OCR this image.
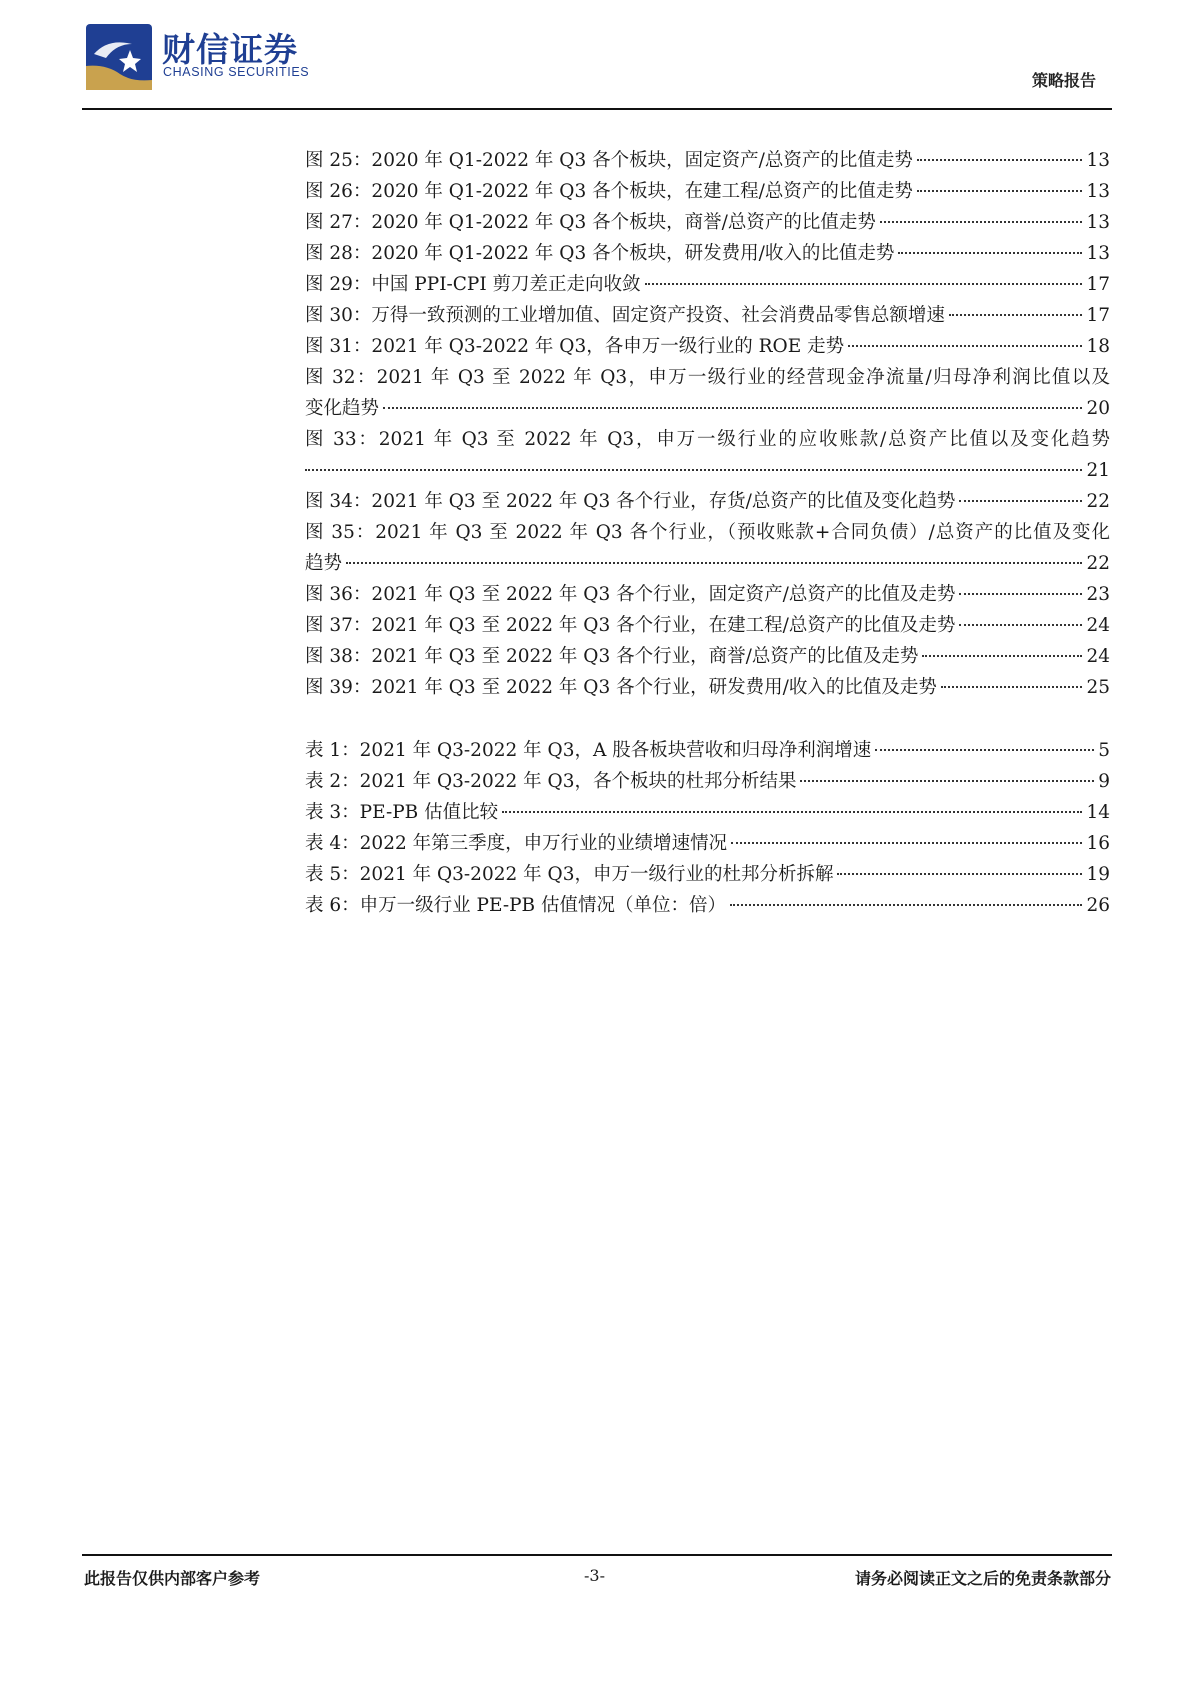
财信证券
CHASING SECURITIES	策略报告
图 25：2020 年 Q1-2022 年 Q3 各个板块，固定资产/总资产的比值走势	13
图 26：2020 年 Q1-2022 年 Q3 各个板块，在建工程/总资产的比值走势	13
图 27：2020 年 Q1-2022 年 Q3 各个板块，商誉/总资产的比值走势	13
图 28：2020 年 Q1-2022 年 Q3 各个板块，研发费用/收入的比值走势	13
图 29：中国 PPI-CPI 剪刀差正走向收敛	17
图 30：万得一致预测的工业增加值、固定资产投资、社会消费品零售总额增速	17
图 31：2021 年 Q3-2022 年 Q3，各申万一级行业的 ROE 走势	18
图 32：2021 年 Q3 至 2022 年 Q3，申万一级行业的经营现金净流量/归母净利润比值以及
变化趋势	20
图 33：2021 年 Q3 至 2022 年 Q3，申万一级行业的应收账款/总资产比值以及变化趋势
21
图 34：2021 年 Q3 至 2022 年 Q3 各个行业，存货/总资产的比值及变化趋势	22
图 35：2021 年 Q3 至 2022 年 Q3 各个行业，（预收账款+合同负债）/总资产的比值及变化
趋势	22
图 36：2021 年 Q3 至 2022 年 Q3 各个行业，固定资产/总资产的比值及走势	23
图 37：2021 年 Q3 至 2022 年 Q3 各个行业，在建工程/总资产的比值及走势	24
图 38：2021 年 Q3 至 2022 年 Q3 各个行业，商誉/总资产的比值及走势	24
图 39：2021 年 Q3 至 2022 年 Q3 各个行业，研发费用/收入的比值及走势	25
表 1：2021 年 Q3-2022 年 Q3，A 股各板块营收和归母净利润增速	5
表 2：2021 年 Q3-2022 年 Q3，各个板块的杜邦分析结果	9
表 3：PE-PB 估值比较	14
表 4：2022 年第三季度，申万行业的业绩增速情况	16
表 5：2021 年 Q3-2022 年 Q3，申万一级行业的杜邦分析拆解	19
表 6：申万一级行业 PE-PB 估值情况（单位：倍）	26
此报告仅供内部客户参考	-3-	请务必阅读正文之后的免责条款部分
